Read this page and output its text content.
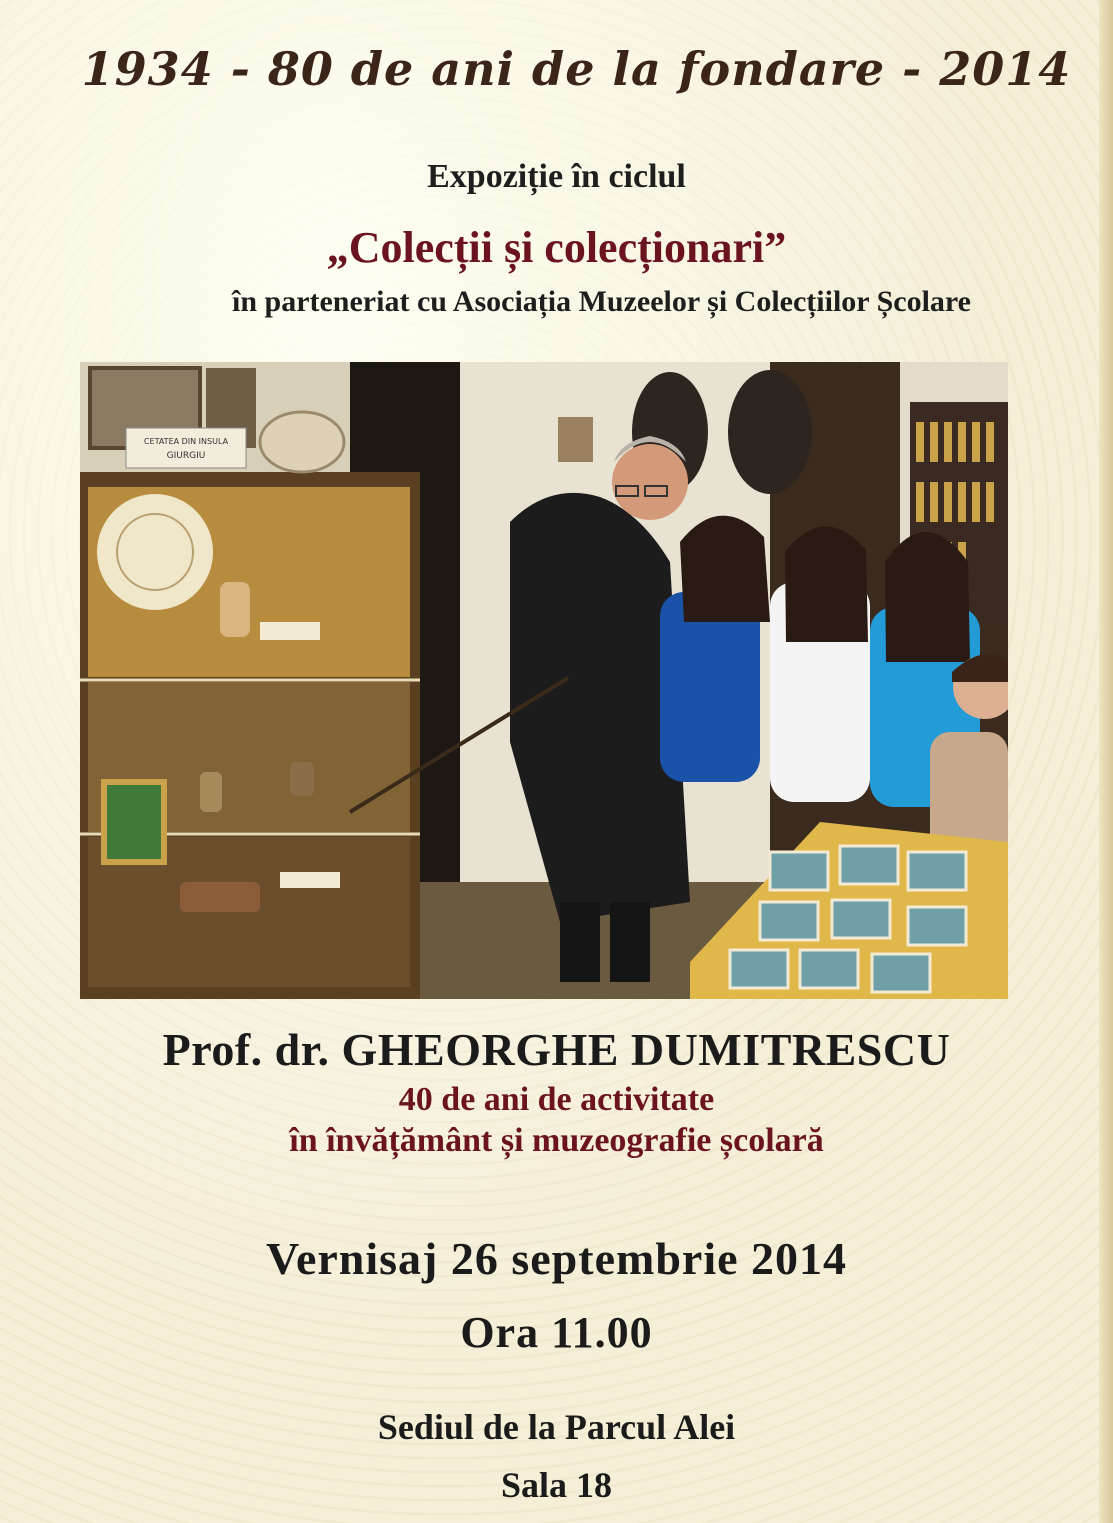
1934 - 80 de ani de la fondare - 2014
Expoziție în ciclul
„Colecții și colecționari”
în parteneriat cu Asociația Muzeelor și Colecțiilor Școlare
CETATEA DIN INSULA
GIURGIU
Prof. dr. GHEORGHE DUMITRESCU
40 de ani de activitate
în învățământ și muzeografie școlară
Vernisaj 26 septembrie 2014
Ora 11.00
Sediul de la Parcul Alei
Sala 18
